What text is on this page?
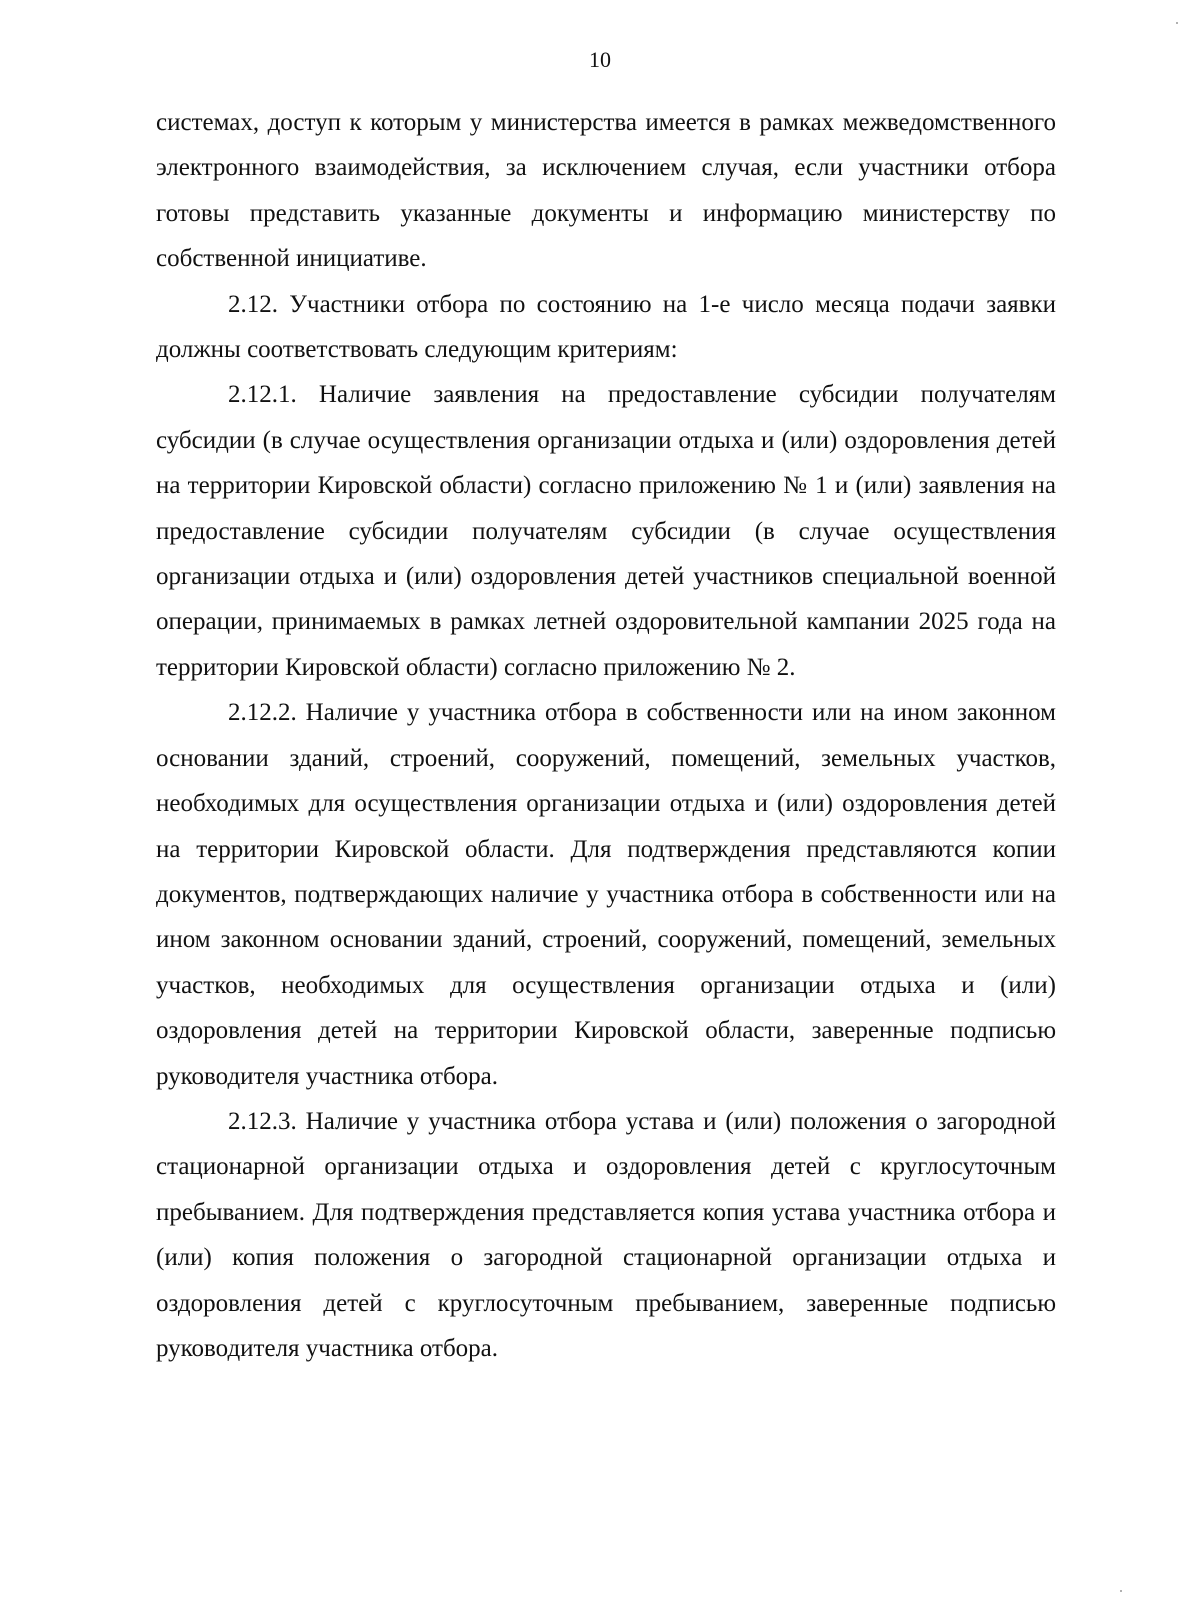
10

системах, доступ к которым у министерства имеется в рамках межведомственного электронного взаимодействия, за исключением случая, если участники отбора готовы представить указанные документы и информацию министерству по собственной инициативе.

2.12. Участники отбора по состоянию на 1-е число месяца подачи заявки должны соответствовать следующим критериям:

2.12.1. Наличие заявления на предоставление субсидии получателям субсидии (в случае осуществления организации отдыха и (или) оздоровления детей на территории Кировской области) согласно приложению № 1 и (или) заявления на предоставление субсидии получателям субсидии (в случае осуществления организации отдыха и (или) оздоровления детей участников специальной военной операции, принимаемых в рамках летней оздоровительной кампании 2025 года на территории Кировской области) согласно приложению № 2.

2.12.2. Наличие у участника отбора в собственности или на ином законном основании зданий, строений, сооружений, помещений, земельных участков, необходимых для осуществления организации отдыха и (или) оздоровления детей на территории Кировской области. Для подтверждения представляются копии документов, подтверждающих наличие у участника отбора в собственности или на ином законном основании зданий, строений, сооружений, помещений, земельных участков, необходимых для осуществления организации отдыха и (или) оздоровления детей на территории Кировской области, заверенные подписью руководителя участника отбора.

2.12.3. Наличие у участника отбора устава и (или) положения о загородной стационарной организации отдыха и оздоровления детей с круглосуточным пребыванием. Для подтверждения представляется копия устава участника отбора и (или) копия положения о загородной стационарной организации отдыха и оздоровления детей с круглосуточным пребыванием, заверенные подписью руководителя участника отбора.
